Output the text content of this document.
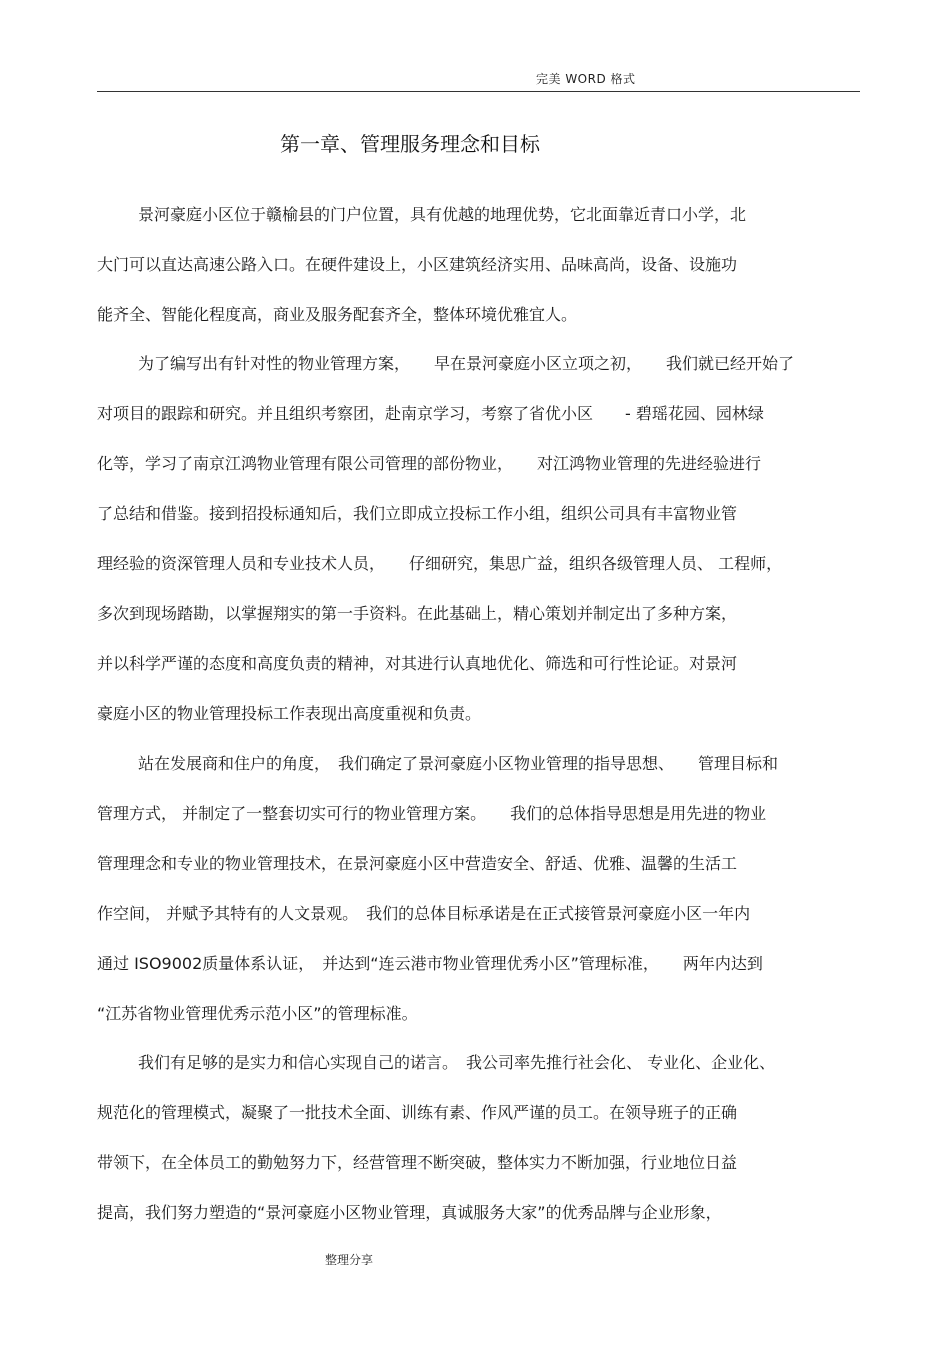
完美 WORD 格式
第一章、管理服务理念和目标
景河豪庭小区位于赣榆县的门户位置，具有优越的地理优势，它北面靠近青口小学，北
大门可以直达高速公路入口。在硬件建设上，小区建筑经济实用、品味高尚，设备、设施功
能齐全、智能化程度高，商业及服务配套齐全，整体环境优雅宜人。
为了编写出有针对性的物业管理方案，　　早在景河豪庭小区立项之初，　　我们就已经开始了
对项目的跟踪和研究。并且组织考察团，赴南京学习，考察了省优小区　　- 碧瑶花园、园林绿
化等，学习了南京江鸿物业管理有限公司管理的部份物业，　　对江鸿物业管理的先进经验进行
了总结和借鉴。接到招投标通知后，我们立即成立投标工作小组，组织公司具有丰富物业管
理经验的资深管理人员和专业技术人员，　　仔细研究，集思广益，组织各级管理人员、 工程师，
多次到现场踏勘，以掌握翔实的第一手资料。在此基础上，精心策划并制定出了多种方案，
并以科学严谨的态度和高度负责的精神，对其进行认真地优化、筛选和可行性论证。对景河
豪庭小区的物业管理投标工作表现出高度重视和负责。
站在发展商和住户的角度，　我们确定了景河豪庭小区物业管理的指导思想、　　管理目标和
管理方式， 并制定了一整套切实可行的物业管理方案。　　我们的总体指导思想是用先进的物业
管理理念和专业的物业管理技术，在景河豪庭小区中营造安全、舒适、优雅、温馨的生活工
作空间， 并赋予其特有的人文景观。　我们的总体目标承诺是在正式接管景河豪庭小区一年内
通过 ISO9002质量体系认证，　并达到“连云港市物业管理优秀小区”管理标准，　　两年内达到
“江苏省物业管理优秀示范小区”的管理标准。
我们有足够的是实力和信心实现自己的诺言。　我公司率先推行社会化、 专业化、企业化、
规范化的管理模式，凝聚了一批技术全面、训练有素、作风严谨的员工。在领导班子的正确
带领下，在全体员工的勤勉努力下，经营管理不断突破，整体实力不断加强，行业地位日益
提高，我们努力塑造的“景河豪庭小区物业管理，真诚服务大家”的优秀品牌与企业形象，
整理分享
